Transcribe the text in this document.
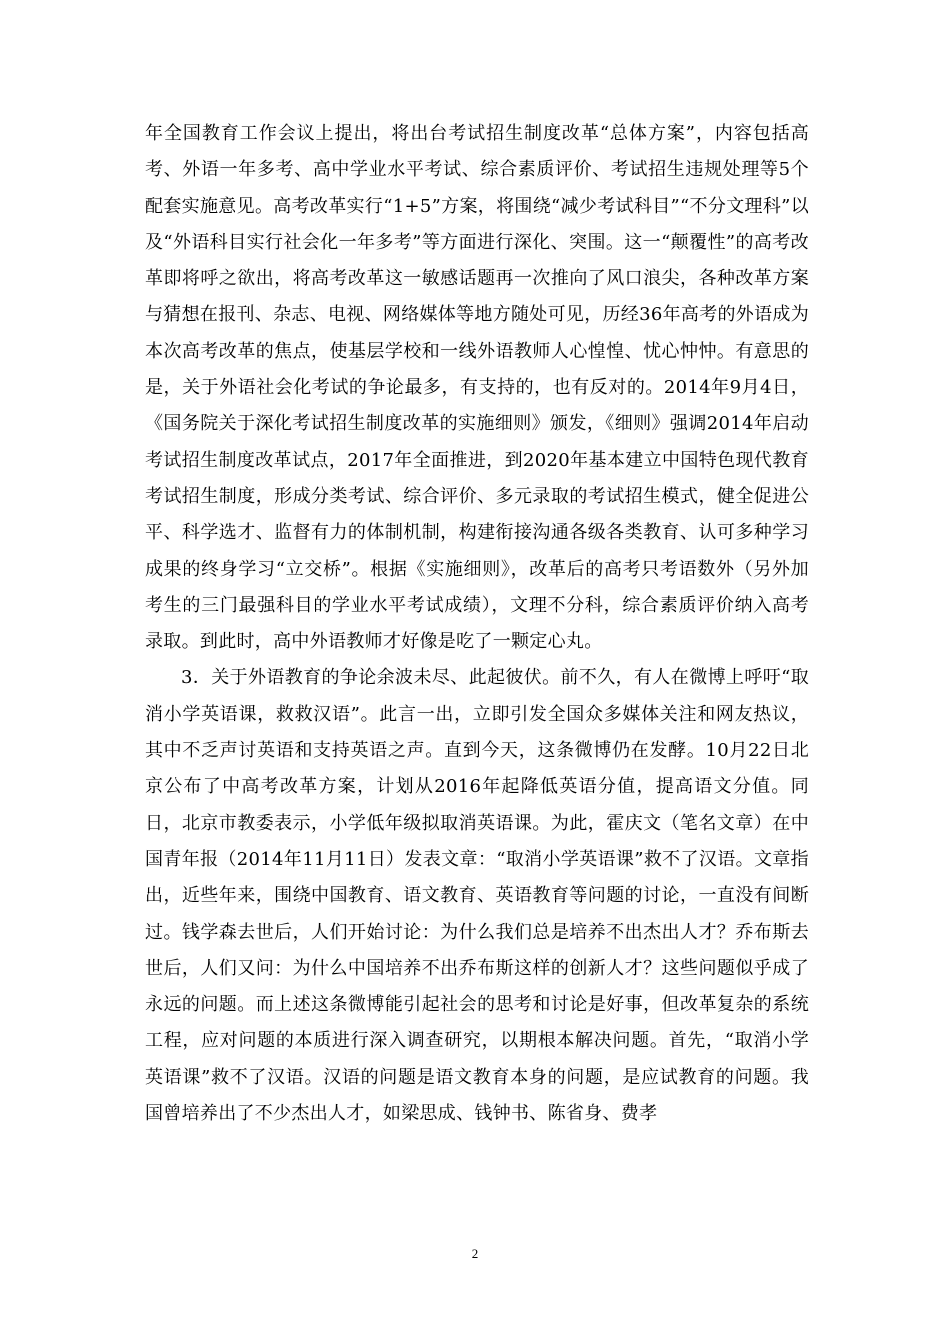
年全国教育工作会议上提出，将出台考试招生制度改革“总体方案”，内容包括高考、外语一年多考、高中学业水平考试、综合素质评价、考试招生违规处理等5个配套实施意见。高考改革实行“1+5”方案，将围绕“减少考试科目”“不分文理科”以及“外语科目实行社会化一年多考”等方面进行深化、突围。这一“颠覆性”的高考改革即将呼之欲出，将高考改革这一敏感话题再一次推向了风口浪尖，各种改革方案与猜想在报刊、杂志、电视、网络媒体等地方随处可见，历经36年高考的外语成为本次高考改革的焦点，使基层学校和一线外语教师人心惶惶、忧心忡忡。有意思的是，关于外语社会化考试的争论最多，有支持的，也有反对的。2014年9月4日，《国务院关于深化考试招生制度改革的实施细则》颁发，《细则》强调2014年启动考试招生制度改革试点，2017年全面推进，到2020年基本建立中国特色现代教育考试招生制度，形成分类考试、综合评价、多元录取的考试招生模式，健全促进公平、科学选才、监督有力的体制机制，构建衔接沟通各级各类教育、认可多种学习成果的终身学习“立交桥”。根据《实施细则》，改革后的高考只考语数外（另外加考生的三门最强科目的学业水平考试成绩），文理不分科，综合素质评价纳入高考录取。到此时，高中外语教师才好像是吃了一颗定心丸。

3．关于外语教育的争论余波未尽、此起彼伏。前不久，有人在微博上呼吁“取消小学英语课，救救汉语”。此言一出，立即引发全国众多媒体关注和网友热议，其中不乏声讨英语和支持英语之声。直到今天，这条微博仍在发酵。10月22日北京公布了中高考改革方案，计划从2016年起降低英语分值，提高语文分值。同日，北京市教委表示，小学低年级拟取消英语课。为此，霍庆文（笔名文章）在中国青年报（2014年11月11日）发表文章：“取消小学英语课”救不了汉语。文章指出，近些年来，围绕中国教育、语文教育、英语教育等问题的讨论，一直没有间断过。钱学森去世后，人们开始讨论：为什么我们总是培养不出杰出人才？乔布斯去世后，人们又问：为什么中国培养不出乔布斯这样的创新人才？这些问题似乎成了永远的问题。而上述这条微博能引起社会的思考和讨论是好事，但改革复杂的系统工程，应对问题的本质进行深入调查研究，以期根本解决问题。首先，“取消小学英语课”救不了汉语。汉语的问题是语文教育本身的问题，是应试教育的问题。我国曾培养出了不少杰出人才，如梁思成、钱钟书、陈省身、费孝

2
